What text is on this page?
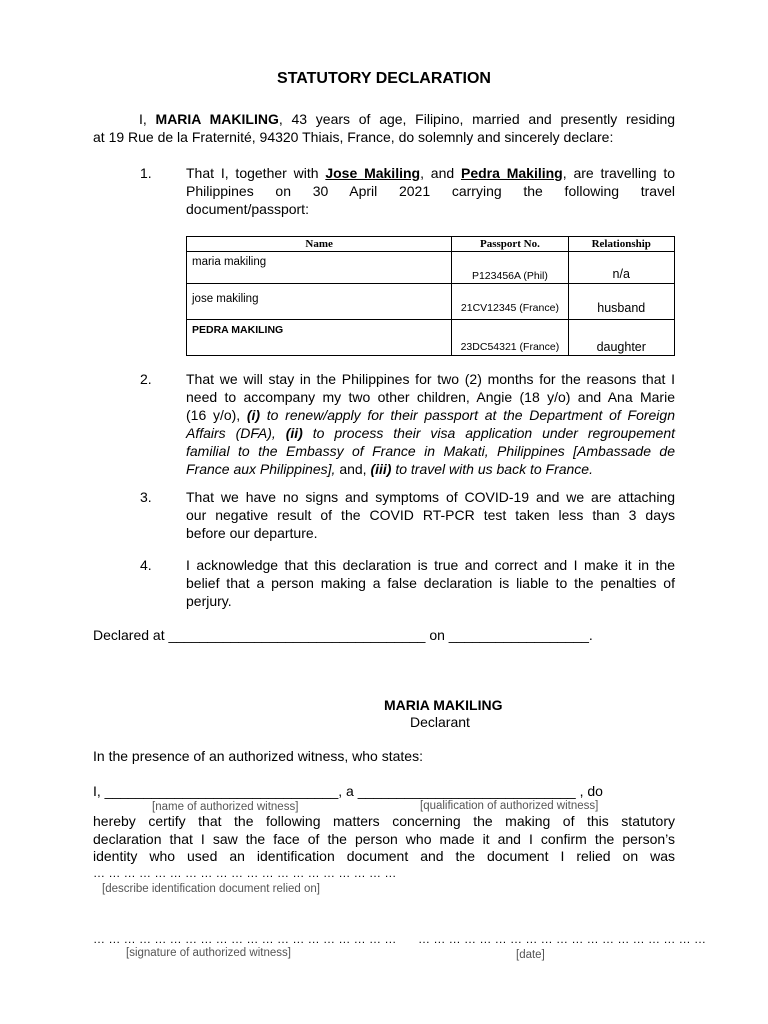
STATUTORY DECLARATION
I, MARIA MAKILING, 43 years of age, Filipino, married and presently residing
at 19 Rue de la Fraternité, 94320 Thiais, France, do solemnly and sincerely declare:
1. That I, together with Jose Makiling, and Pedra Makiling, are travelling to
Philippines on 30 April 2021 carrying the following travel
document/passport:
Name	Passport No.	Relationship

maria makiling	P123456A (Phil)	n/a

jose makiling	21CV12345 (France)	husband

PEDRA MAKILING	23DC54321 (France)	daughter
2. That we will stay in the Philippines for two (2) months for the reasons that I
need to accompany my two other children, Angie (18 y/o) and Ana Marie
(16 y/o), (i) to renew/apply for their passport at the Department of Foreign
Affairs (DFA), (ii) to process their visa application under regroupement
familial to the Embassy of France in Makati, Philippines [Ambassade de
France aux Philippines], and, (iii) to travel with us back to France.
3. That we have no signs and symptoms of COVID-19 and we are attaching
our negative result of the COVID RT-PCR test taken less than 3 days
before our departure.
4. I acknowledge that this declaration is true and correct and I make it in the
belief that a person making a false declaration is liable to the penalties of
perjury.
Declared at _________________________________ on __________________.
MARIA MAKILING
Declarant
In the presence of an authorized witness, who states:
I, ______________________________, a ____________________________ , do
[name of authorized witness]	[qualification of authorized witness]
hereby certify that the following matters concerning the making of this statutory
declaration that I saw the face of the person who made it and I confirm the person’s
identity who used an identification document and the document I relied on was
… … … … … … … … … … … … … … … … … … … …
[describe identification document relied on]
… … … … … … … … … … … … … … … … … … … … … … … … … … … … … … … … … … … … … … …
[signature of authorized witness]	[date]
